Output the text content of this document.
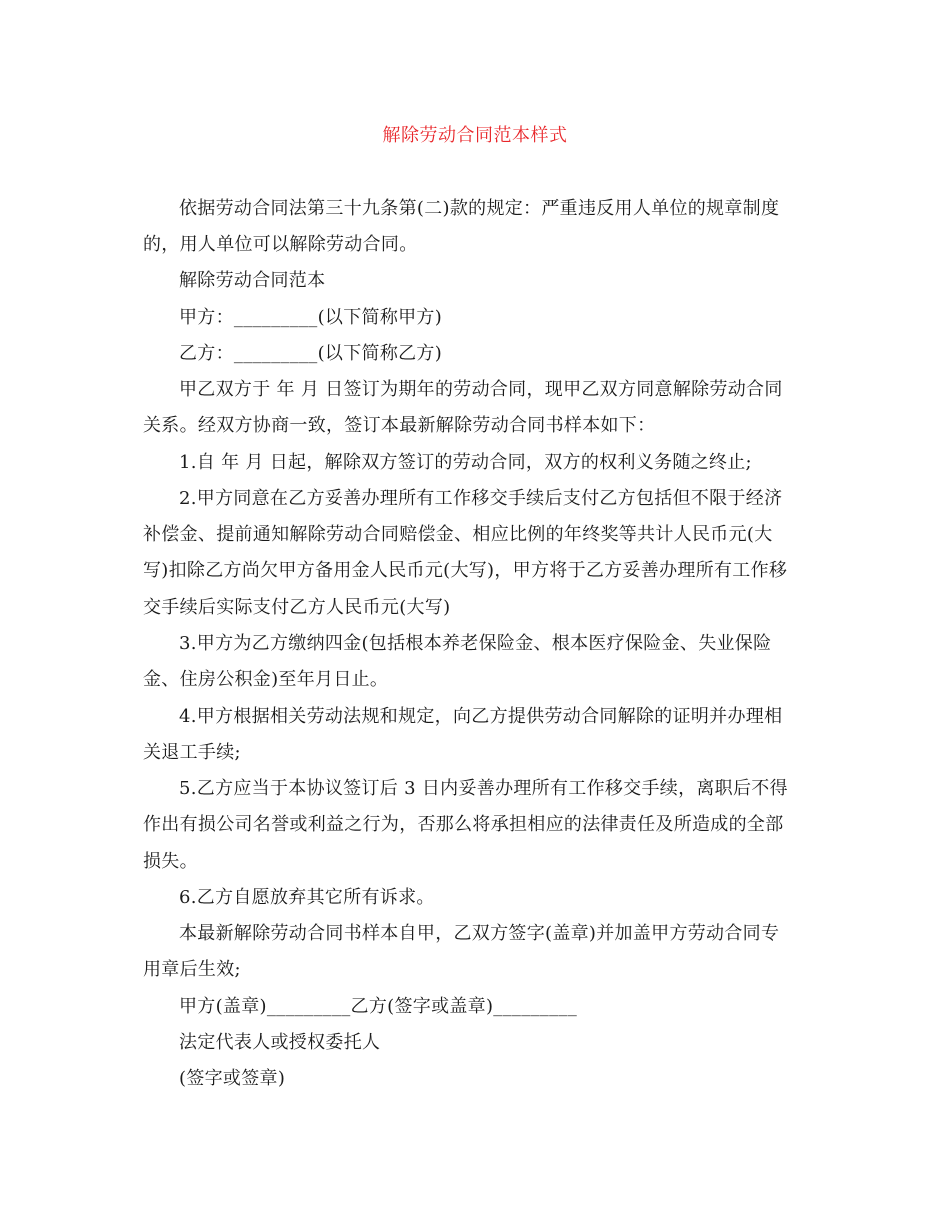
解除劳动合同范本样式
依据劳动合同法第三十九条第(二)款的规定：严重违反用人单位的规章制度
的，用人单位可以解除劳动合同。
解除劳动合同范本
甲方：_________(以下简称甲方)
乙方：_________(以下简称乙方)
甲乙双方于 年 月 日签订为期年的劳动合同，现甲乙双方同意解除劳动合同
关系。经双方协商一致，签订本最新解除劳动合同书样本如下：
1.自 年 月 日起，解除双方签订的劳动合同，双方的权利义务随之终止;
2.甲方同意在乙方妥善办理所有工作移交手续后支付乙方包括但不限于经济
补偿金、提前通知解除劳动合同赔偿金、相应比例的年终奖等共计人民币元(大
写)扣除乙方尚欠甲方备用金人民币元(大写)，甲方将于乙方妥善办理所有工作移
交手续后实际支付乙方人民币元(大写)
3.甲方为乙方缴纳四金(包括根本养老保险金、根本医疗保险金、失业保险
金、住房公积金)至年月日止。
4.甲方根据相关劳动法规和规定，向乙方提供劳动合同解除的证明并办理相
关退工手续;
5.乙方应当于本协议签订后 3 日内妥善办理所有工作移交手续，离职后不得
作出有损公司名誉或利益之行为，否那么将承担相应的法律责任及所造成的全部
损失。
6.乙方自愿放弃其它所有诉求。
本最新解除劳动合同书样本自甲，乙双方签字(盖章)并加盖甲方劳动合同专
用章后生效;
甲方(盖章)_________乙方(签字或盖章)_________
法定代表人或授权委托人
(签字或签章)
